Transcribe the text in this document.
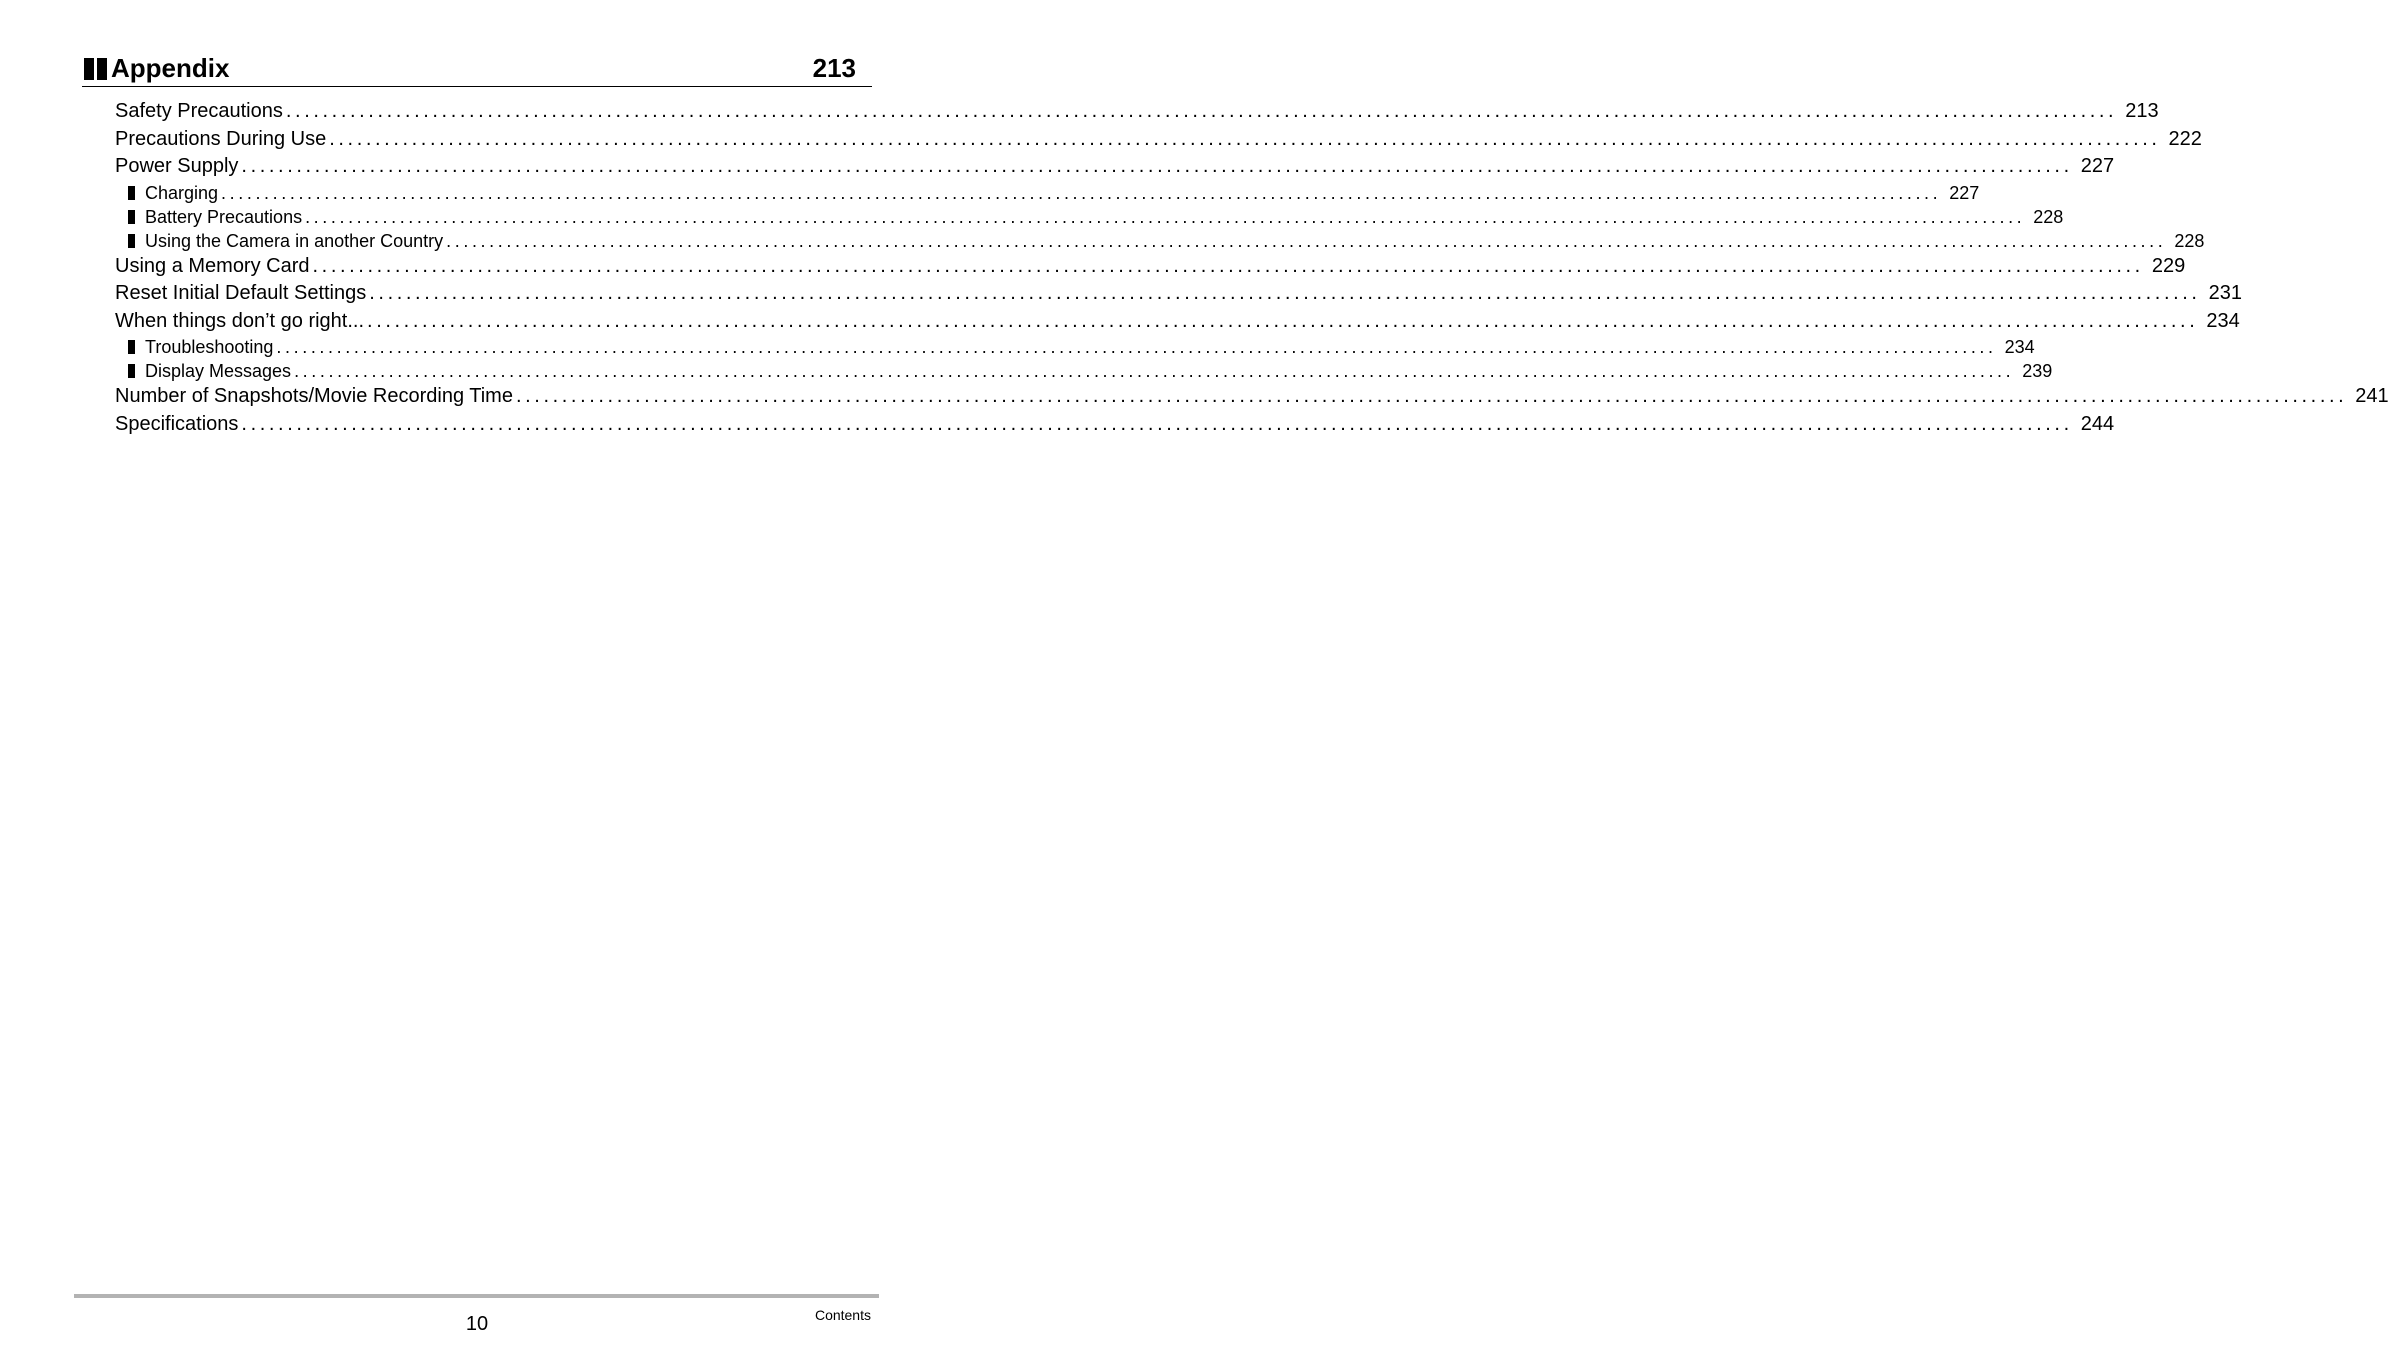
Appendix	213
Safety Precautions ........................................................................................................................................................................................................ 213
Precautions During Use ........................................................................................................................................................................................................ 222
Power Supply ........................................................................................................................................................................................................ 227
Charging ........................................................................................................................................................................................................ 227
Battery Precautions ........................................................................................................................................................................................................ 228
Using the Camera in another Country ........................................................................................................................................................................................................ 228
Using a Memory Card ........................................................................................................................................................................................................ 229
Reset Initial Default Settings ........................................................................................................................................................................................................ 231
When things don’t go right... ........................................................................................................................................................................................................ 234
Troubleshooting ........................................................................................................................................................................................................ 234
Display Messages ........................................................................................................................................................................................................ 239
Number of Snapshots/Movie Recording Time ........................................................................................................................................................................................................ 241
Specifications ........................................................................................................................................................................................................ 244
10	Contents
